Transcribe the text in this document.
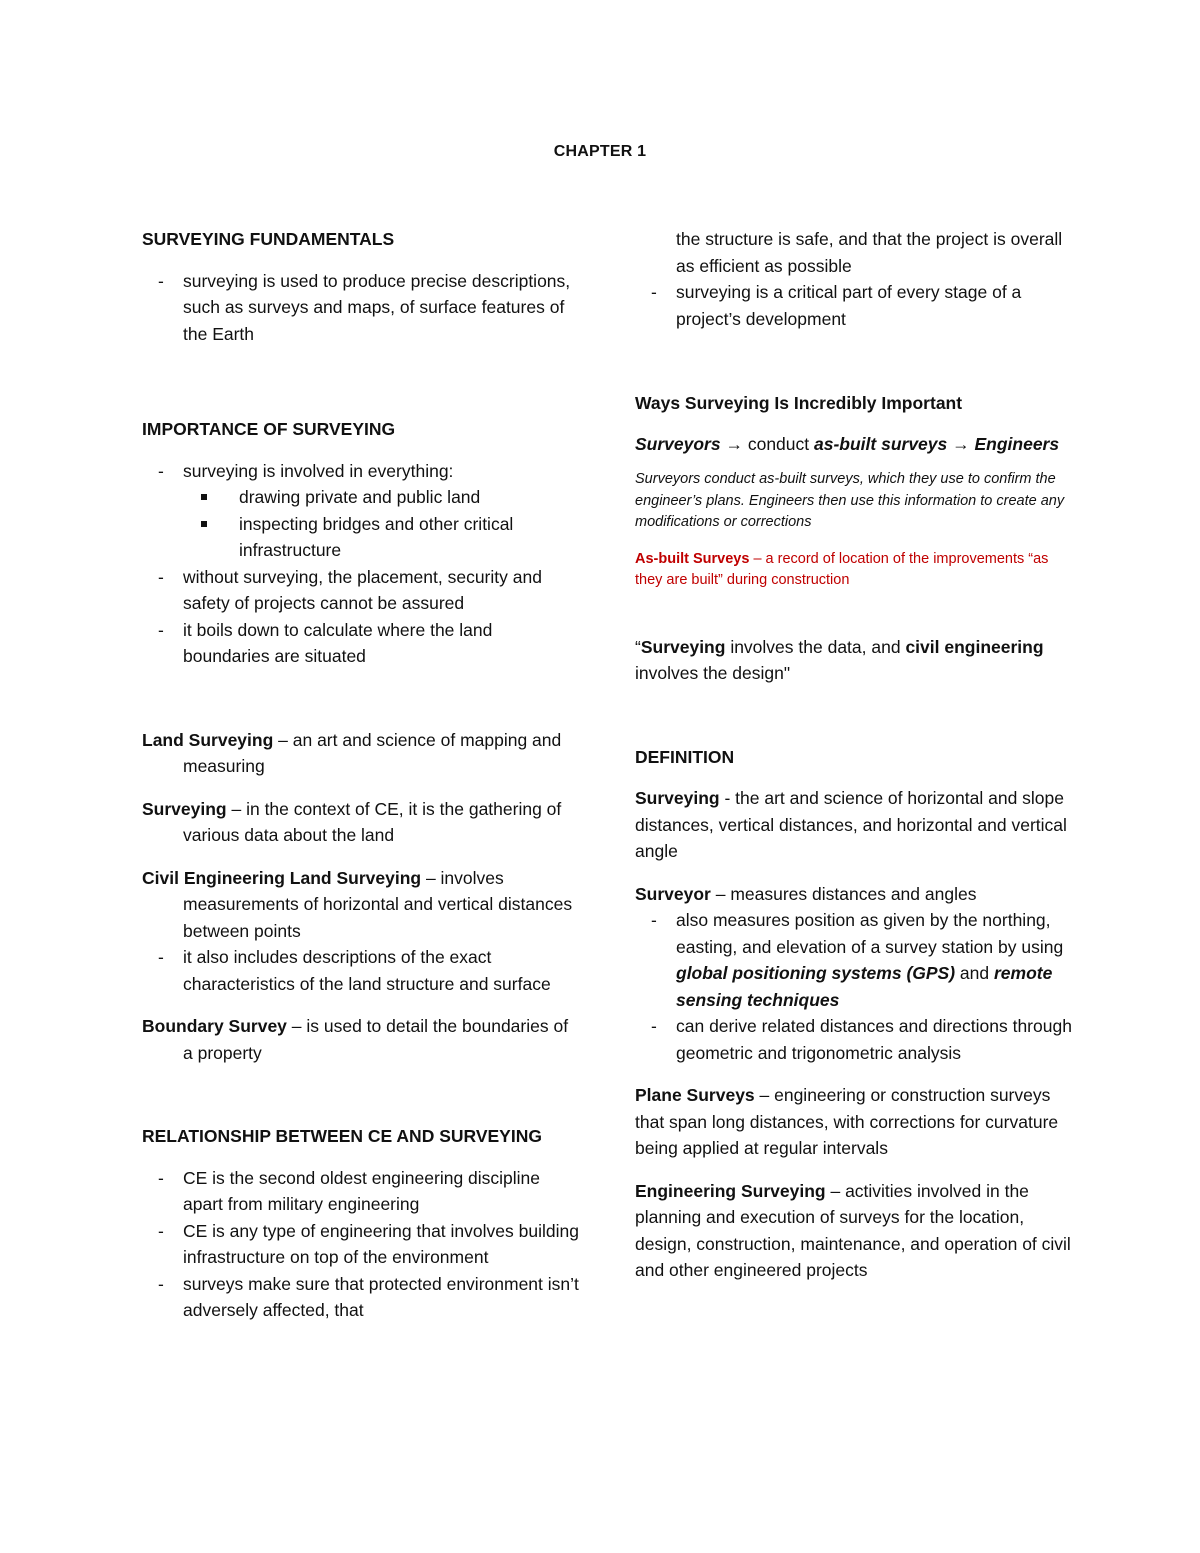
CHAPTER 1

SURVEYING FUNDAMENTALS

- surveying is used to produce precise descriptions, such as surveys and maps, of surface features of the Earth

IMPORTANCE OF SURVEYING

- surveying is involved in everything:

drawing private and public land

inspecting bridges and other critical infrastructure

- without surveying, the placement, security and safety of projects cannot be assured

- it boils down to calculate where the land boundaries are situated

Land Surveying – an art and science of mapping and measuring

Surveying – in the context of CE, it is the gathering of various data about the land

Civil Engineering Land Surveying – involves measurements of horizontal and vertical distances between points

- it also includes descriptions of the exact characteristics of the land structure and surface

Boundary Survey – is used to detail the boundaries of a property

RELATIONSHIP BETWEEN CE AND SURVEYING

- CE is the second oldest engineering discipline apart from military engineering

- CE is any type of engineering that involves building infrastructure on top of the environment

- surveys make sure that protected environment isn’t adversely affected, that

the structure is safe, and that the project is overall as efficient as possible

- surveying is a critical part of every stage of a project’s development

Ways Surveying Is Incredibly Important

Surveyors → conduct as-built surveys → Engineers

Surveyors conduct as-built surveys, which they use to confirm the engineer’s plans. Engineers then use this information to create any modifications or corrections

As-built Surveys – a record of location of the improvements “as they are built” during construction

“Surveying involves the data, and civil engineering involves the design"

DEFINITION

Surveying - the art and science of horizontal and slope distances, vertical distances, and horizontal and vertical angle

Surveyor – measures distances and angles

- also measures position as given by the northing, easting, and elevation of a survey station by using global positioning systems (GPS) and remote sensing techniques

- can derive related distances and directions through geometric and trigonometric analysis

Plane Surveys – engineering or construction surveys that span long distances, with corrections for curvature being applied at regular intervals

Engineering Surveying – activities involved in the planning and execution of surveys for the location, design, construction, maintenance, and operation of civil and other engineered projects
